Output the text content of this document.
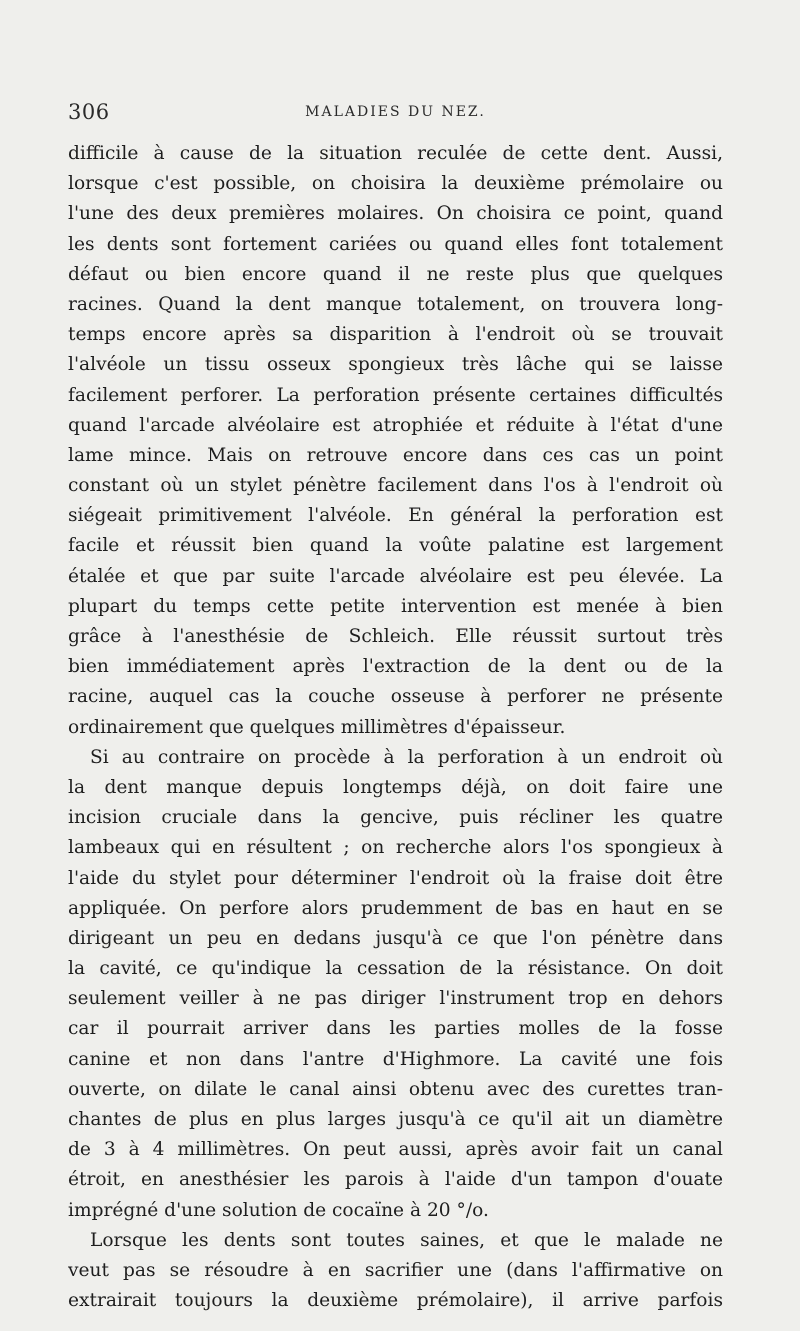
306	MALADIES DU NEZ.
difficile à cause de la situation reculée de cette dent. Aussi,
lorsque c'est possible, on choisira la deuxième prémolaire ou
l'une des deux premières molaires. On choisira ce point, quand
les dents sont fortement cariées ou quand elles font totalement
défaut ou bien encore quand il ne reste plus que quelques
racines. Quand la dent manque totalement, on trouvera long-
temps encore après sa disparition à l'endroit où se trouvait
l'alvéole un tissu osseux spongieux très lâche qui se laisse
facilement perforer. La perforation présente certaines difficultés
quand l'arcade alvéolaire est atrophiée et réduite à l'état d'une
lame mince. Mais on retrouve encore dans ces cas un point
constant où un stylet pénètre facilement dans l'os à l'endroit où
siégeait primitivement l'alvéole. En général la perforation est
facile et réussit bien quand la voûte palatine est largement
étalée et que par suite l'arcade alvéolaire est peu élevée. La
plupart du temps cette petite intervention est menée à bien
grâce à l'anesthésie de Schleich. Elle réussit surtout très
bien immédiatement après l'extraction de la dent ou de la
racine, auquel cas la couche osseuse à perforer ne présente
ordinairement que quelques millimètres d'épaisseur.
Si au contraire on procède à la perforation à un endroit où
la dent manque depuis longtemps déjà, on doit faire une
incision cruciale dans la gencive, puis récliner les quatre
lambeaux qui en résultent ; on recherche alors l'os spongieux à
l'aide du stylet pour déterminer l'endroit où la fraise doit être
appliquée. On perfore alors prudemment de bas en haut en se
dirigeant un peu en dedans jusqu'à ce que l'on pénètre dans
la cavité, ce qu'indique la cessation de la résistance. On doit
seulement veiller à ne pas diriger l'instrument trop en dehors
car il pourrait arriver dans les parties molles de la fosse
canine et non dans l'antre d'Highmore. La cavité une fois
ouverte, on dilate le canal ainsi obtenu avec des curettes tran-
chantes de plus en plus larges jusqu'à ce qu'il ait un diamètre
de 3 à 4 millimètres. On peut aussi, après avoir fait un canal
étroit, en anesthésier les parois à l'aide d'un tampon d'ouate
imprégné d'une solution de cocaïne à 20 °/o.
Lorsque les dents sont toutes saines, et que le malade ne
veut pas se résoudre à en sacrifier une (dans l'affirmative on
extrairait toujours la deuxième prémolaire), il arrive parfois
